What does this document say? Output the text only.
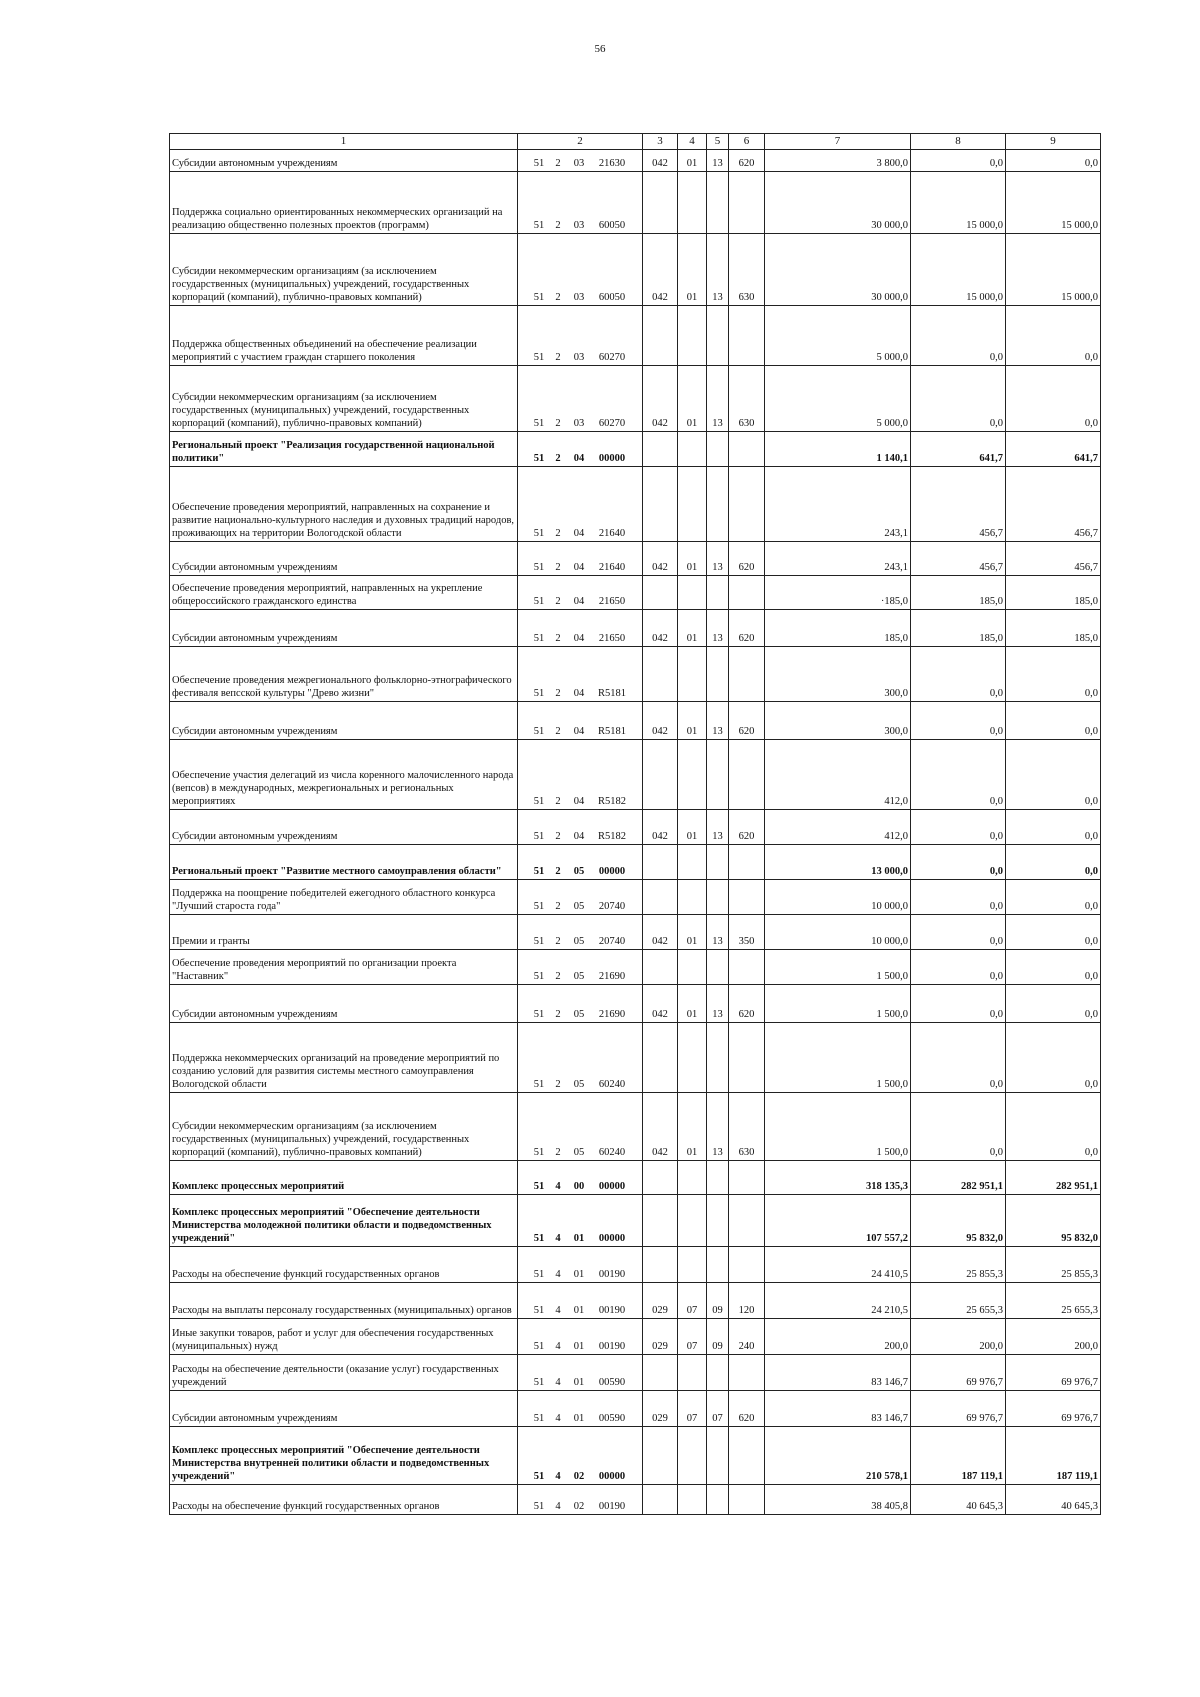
56
1	2	3	4	5	6	7	8	9
Субсидии автономным учреждениям	51 2 03 21630	042	01	13	620	3 800,0	0,0	0,0
Поддержка социально ориентированных некоммерческих организаций на реализацию общественно полезных проектов (программ)	51 2 03 60050					30 000,0	15 000,0	15 000,0
Субсидии некоммерческим организациям (за исключением государственных (муниципальных) учреждений, государственных корпораций (компаний), публично-правовых компаний)	51 2 03 60050	042	01	13	630	30 000,0	15 000,0	15 000,0
Поддержка общественных объединений на обеспечение реализации мероприятий с участием граждан старшего поколения	51 2 03 60270					5 000,0	0,0	0,0
Субсидии некоммерческим организациям (за исключением государственных (муниципальных) учреждений, государственных корпораций (компаний), публично-правовых компаний)	51 2 03 60270	042	01	13	630	5 000,0	0,0	0,0
Региональный проект "Реализация государственной национальной политики"	51 2 04 00000					1 140,1	641,7	641,7
Обеспечение проведения мероприятий, направленных на сохранение и развитие национально-культурного наследия и духовных традиций народов, проживающих на территории Вологодской области	51 2 04 21640					243,1	456,7	456,7
Субсидии автономным учреждениям	51 2 04 21640	042	01	13	620	243,1	456,7	456,7
Обеспечение проведения мероприятий, направленных на укрепление общероссийского гражданского единства	51 2 04 21650					·185,0	185,0	185,0
Субсидии автономным учреждениям	51 2 04 21650	042	01	13	620	185,0	185,0	185,0
Обеспечение проведения межрегионального фольклорно-этнографического фестиваля вепсской культуры "Древо жизни"	51 2 04 R5181					300,0	0,0	0,0
Субсидии автономным учреждениям	51 2 04 R5181	042	01	13	620	300,0	0,0	0,0
Обеспечение участия делегаций из числа коренного малочисленного народа (вепсов) в международных, межрегиональных и региональных мероприятиях	51 2 04 R5182					412,0	0,0	0,0
Субсидии автономным учреждениям	51 2 04 R5182	042	01	13	620	412,0	0,0	0,0
Региональный проект "Развитие местного самоуправления области"	51 2 05 00000					13 000,0	0,0	0,0
Поддержка на поощрение победителей ежегодного областного конкурса "Лучший староста года"	51 2 05 20740					10 000,0	0,0	0,0
Премии и гранты	51 2 05 20740	042	01	13	350	10 000,0	0,0	0,0
Обеспечение проведения мероприятий по организации проекта "Наставник"	51 2 05 21690					1 500,0	0,0	0,0
Субсидии автономным учреждениям	51 2 05 21690	042	01	13	620	1 500,0	0,0	0,0
Поддержка некоммерческих организаций на проведение мероприятий по созданию условий для развития системы местного самоуправления Вологодской области	51 2 05 60240					1 500,0	0,0	0,0
Субсидии некоммерческим организациям (за исключением государственных (муниципальных) учреждений, государственных корпораций (компаний), публично-правовых компаний)	51 2 05 60240	042	01	13	630	1 500,0	0,0	0,0
Комплекс процессных мероприятий	51 4 00 00000					318 135,3	282 951,1	282 951,1
Комплекс процессных мероприятий "Обеспечение деятельности Министерства молодежной политики области и подведомственных учреждений"	51 4 01 00000					107 557,2	95 832,0	95 832,0
Расходы на обеспечение функций государственных органов	51 4 01 00190					24 410,5	25 855,3	25 855,3
Расходы на выплаты персоналу государственных (муниципальных) органов	51 4 01 00190	029	07	09	120	24 210,5	25 655,3	25 655,3
Иные закупки товаров, работ и услуг для обеспечения государственных (муниципальных) нужд	51 4 01 00190	029	07	09	240	200,0	200,0	200,0
Расходы на обеспечение деятельности (оказание услуг) государственных учреждений	51 4 01 00590					83 146,7	69 976,7	69 976,7
Субсидии автономным учреждениям	51 4 01 00590	029	07	07	620	83 146,7	69 976,7	69 976,7
Комплекс процессных мероприятий "Обеспечение деятельности Министерства внутренней политики области и подведомственных учреждений"	51 4 02 00000					210 578,1	187 119,1	187 119,1
Расходы на обеспечение функций государственных органов	51 4 02 00190					38 405,8	40 645,3	40 645,3
